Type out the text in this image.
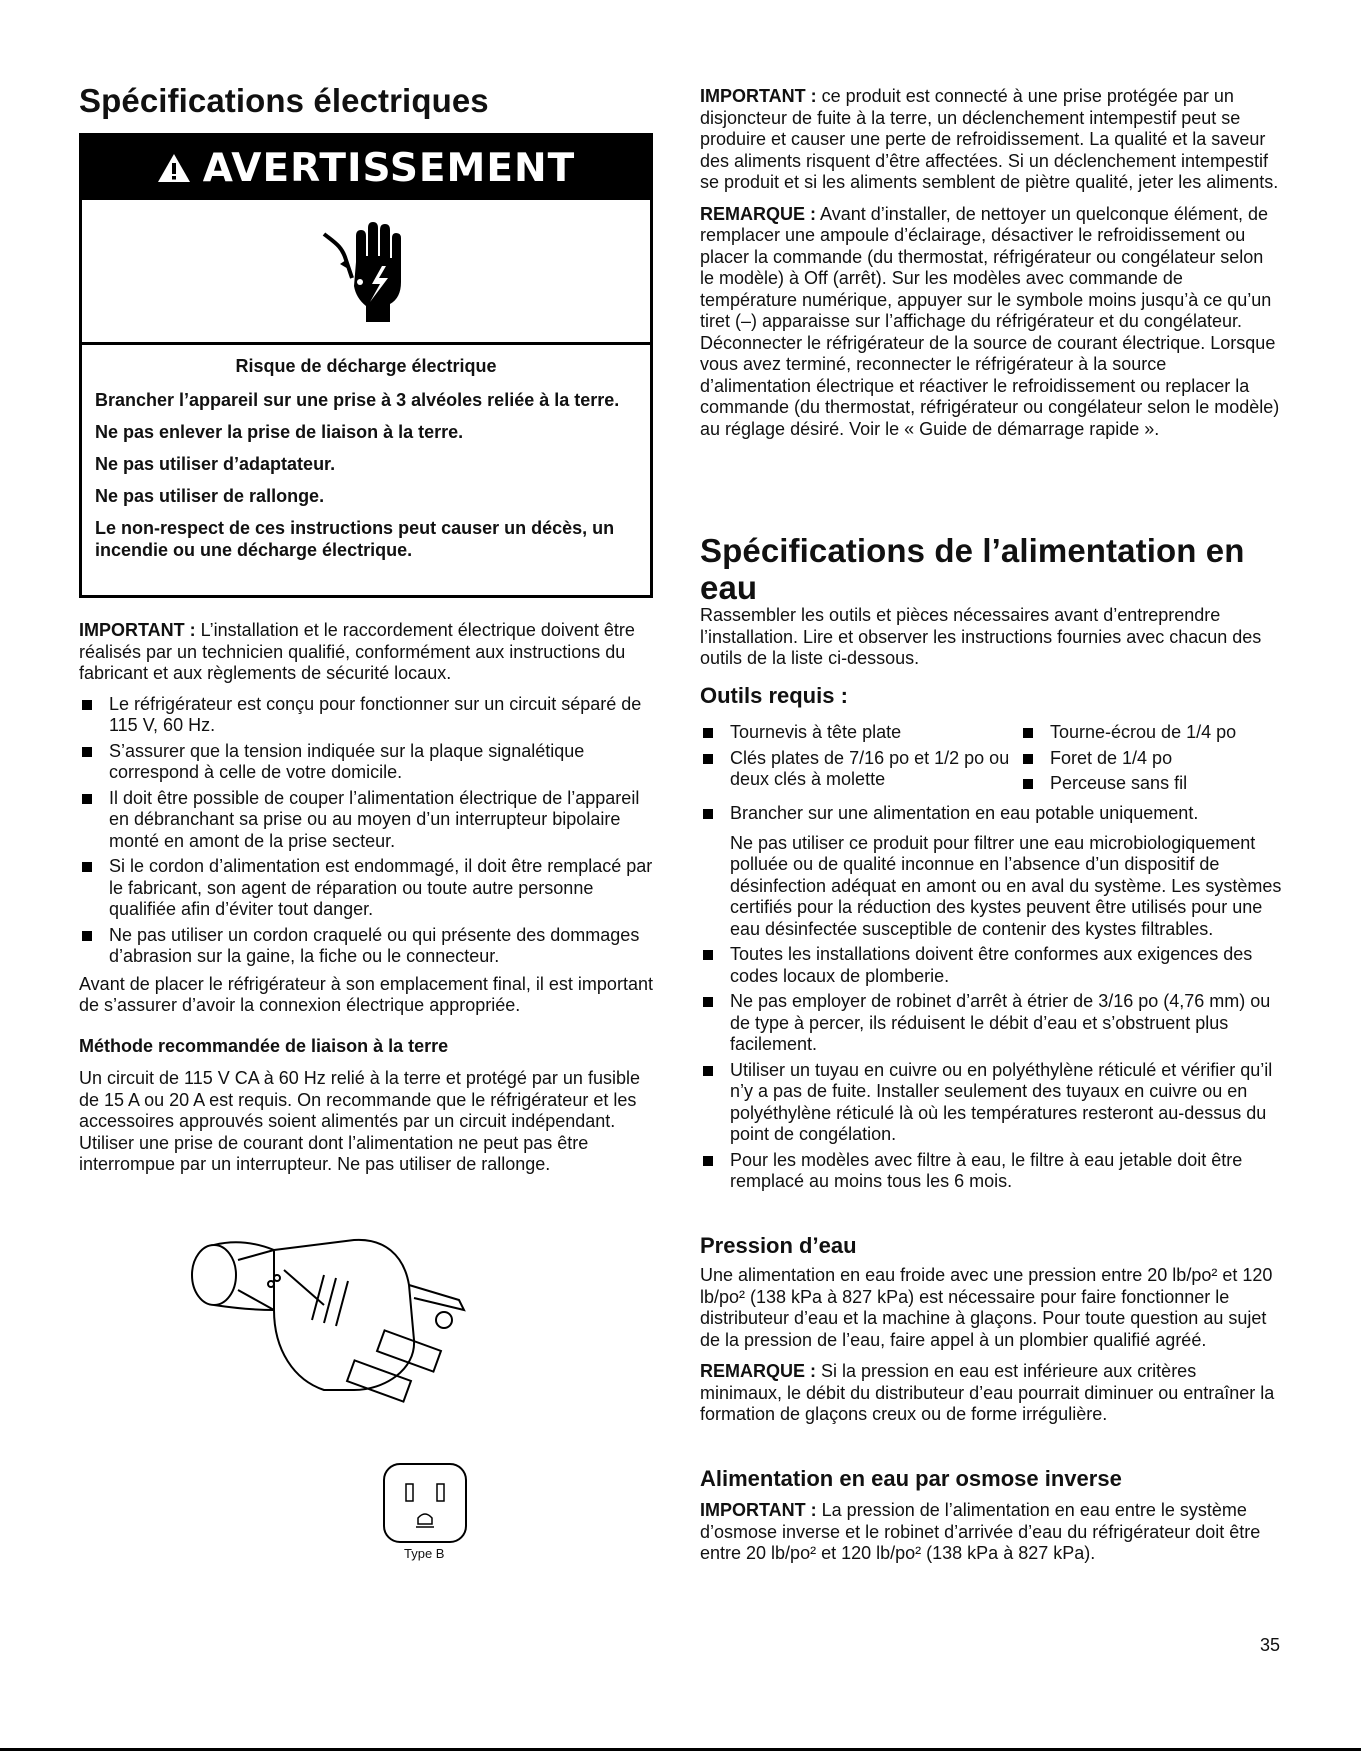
Spécifications électriques
AVERTISSEMENT

Risque de décharge électrique

Brancher l’appareil sur une prise à 3 alvéoles reliée à la terre.

Ne pas enlever la prise de liaison à la terre.

Ne pas utiliser d’adaptateur.

Ne pas utiliser de rallonge.

Le non-respect de ces instructions peut causer un décès, un incendie ou une décharge électrique.

IMPORTANT : L’installation et le raccordement électrique doivent être réalisés par un technicien qualifié, conformément aux instructions du fabricant et aux règlements de sécurité locaux.

Le réfrigérateur est conçu pour fonctionner sur un circuit séparé de 115 V, 60 Hz.
S’assurer que la tension indiquée sur la plaque signalétique correspond à celle de votre domicile.
Il doit être possible de couper l’alimentation électrique de l’appareil en débranchant sa prise ou au moyen d’un interrupteur bipolaire monté en amont de la prise secteur.
Si le cordon d’alimentation est endommagé, il doit être remplacé par le fabricant, son agent de réparation ou toute autre personne qualifiée afin d’éviter tout danger.
Ne pas utiliser un cordon craquelé ou qui présente des dommages d’abrasion sur la gaine, la fiche ou le connecteur.

Avant de placer le réfrigérateur à son emplacement final, il est important de s’assurer d’avoir la connexion électrique appropriée.

Méthode recommandée de liaison à la terre

Un circuit de 115 V CA à 60 Hz relié à la terre et protégé par un fusible de 15 A ou 20 A est requis. On recommande que le réfrigérateur et les accessoires approuvés soient alimentés par un circuit indépendant. Utiliser une prise de courant dont l’alimentation ne peut pas être interrompue par un interrupteur. Ne pas utiliser de rallonge.

Type B

IMPORTANT : ce produit est connecté à une prise protégée par un disjoncteur de fuite à la terre, un déclenchement intempestif peut se produire et causer une perte de refroidissement. La qualité et la saveur des aliments risquent d’être affectées. Si un déclenchement intempestif se produit et si les aliments semblent de piètre qualité, jeter les aliments.

REMARQUE : Avant d’installer, de nettoyer un quelconque élément, de remplacer une ampoule d’éclairage, désactiver le refroidissement ou placer la commande (du thermostat, réfrigérateur ou congélateur selon le modèle) à Off (arrêt). Sur les modèles avec commande de température numérique, appuyer sur le symbole moins jusqu’à ce qu’un tiret (–) apparaisse sur l’affichage du réfrigérateur et du congélateur. Déconnecter le réfrigérateur de la source de courant électrique. Lorsque vous avez terminé, reconnecter le réfrigérateur à la source d’alimentation électrique et réactiver le refroidissement ou replacer la commande (du thermostat, réfrigérateur ou congélateur selon le modèle) au réglage désiré. Voir le « Guide de démarrage rapide ».

Spécifications de l’alimentation en eau

Rassembler les outils et pièces nécessaires avant d’entreprendre l’installation. Lire et observer les instructions fournies avec chacun des outils de la liste ci-dessous.

Outils requis :
Tournevis à tête plate
Clés plates de 7/16 po et 1/2 po ou deux clés à molette
Tourne-écrou de 1/4 po
Foret de 1/4 po
Perceuse sans fil
Brancher sur une alimentation en eau potable uniquement.
Ne pas utiliser ce produit pour filtrer une eau microbiologiquement polluée ou de qualité inconnue en l’absence d’un dispositif de désinfection adéquat en amont ou en aval du système. Les systèmes certifiés pour la réduction des kystes peuvent être utilisés pour une eau désinfectée susceptible de contenir des kystes filtrables.
Toutes les installations doivent être conformes aux exigences des codes locaux de plomberie.
Ne pas employer de robinet d’arrêt à étrier de 3/16 po (4,76 mm) ou de type à percer, ils réduisent le débit d’eau et s’obstruent plus facilement.
Utiliser un tuyau en cuivre ou en polyéthylène réticulé et vérifier qu’il n’y a pas de fuite. Installer seulement des tuyaux en cuivre ou en polyéthylène réticulé là où les températures resteront au-dessus du point de congélation.
Pour les modèles avec filtre à eau, le filtre à eau jetable doit être remplacé au moins tous les 6 mois.
Pression d’eau

Une alimentation en eau froide avec une pression entre 20 lb/po² et 120 lb/po² (138 kPa à 827 kPa) est nécessaire pour faire fonctionner le distributeur d’eau et la machine à glaçons. Pour toute question au sujet de la pression de l’eau, faire appel à un plombier qualifié agréé.

REMARQUE : Si la pression en eau est inférieure aux critères minimaux, le débit du distributeur d’eau pourrait diminuer ou entraîner la formation de glaçons creux ou de forme irrégulière.

Alimentation en eau par osmose inverse

IMPORTANT : La pression de l’alimentation en eau entre le système d’osmose inverse et le robinet d’arrivée d’eau du réfrigérateur doit être entre 20 lb/po² et 120 lb/po² (138 kPa à 827 kPa).

35
